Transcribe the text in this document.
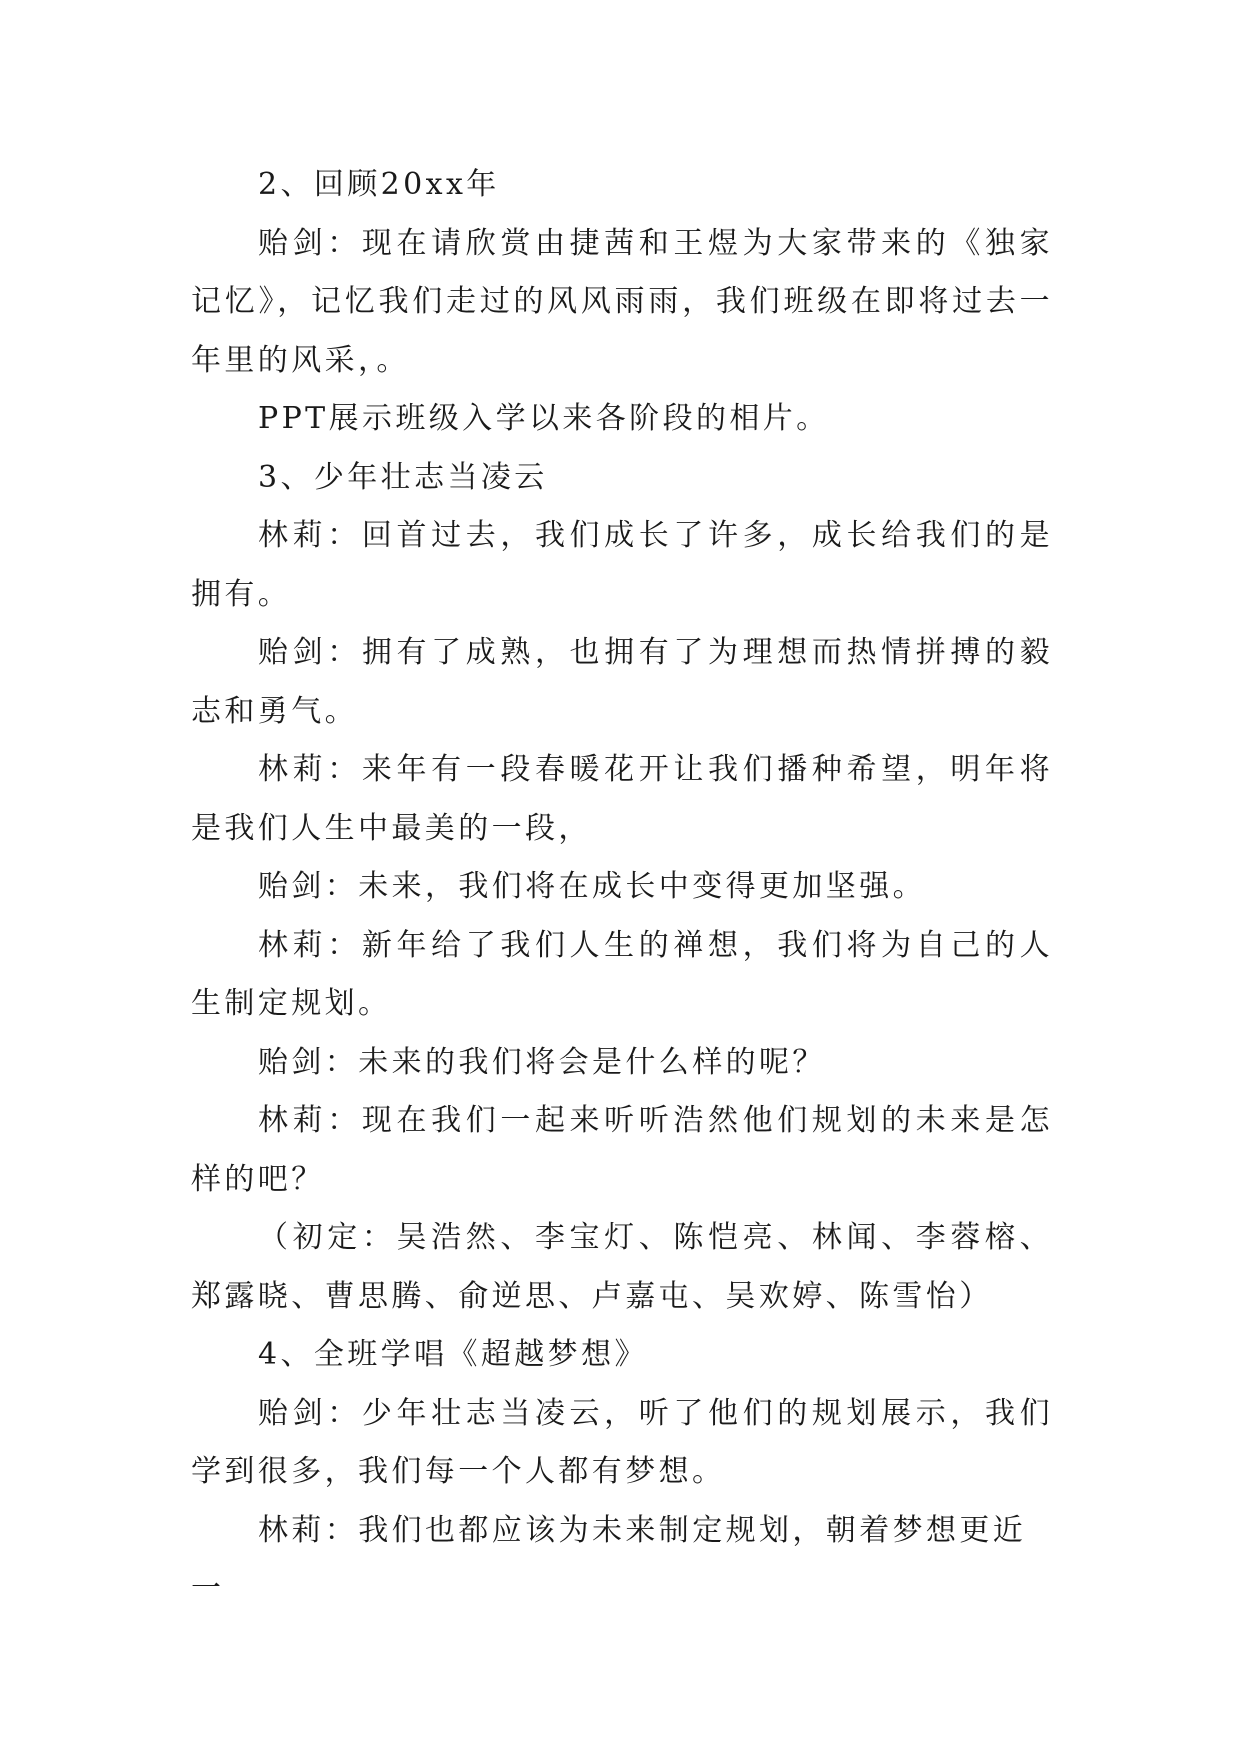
2、回顾20xx年

贻剑：现在请欣赏由捷茜和王煜为大家带来的《独家记忆》，记忆我们走过的风风雨雨，我们班级在即将过去一年里的风采，。

PPT展示班级入学以来各阶段的相片。

3、少年壮志当凌云

林莉：回首过去，我们成长了许多，成长给我们的是拥有。

贻剑：拥有了成熟，也拥有了为理想而热情拼搏的毅志和勇气。

林莉：来年有一段春暖花开让我们播种希望，明年将是我们人生中最美的一段，

贻剑：未来，我们将在成长中变得更加坚强。

林莉：新年给了我们人生的禅想，我们将为自己的人生制定规划。

贻剑：未来的我们将会是什么样的呢？

林莉：现在我们一起来听听浩然他们规划的未来是怎样的吧？

（初定：吴浩然、李宝灯、陈恺亮、林闻、李蓉榕、郑露晓、曹思腾、俞逆思、卢嘉屯、吴欢婷、陈雪怡）

4、全班学唱《超越梦想》

贻剑：少年壮志当凌云，听了他们的规划展示，我们学到很多，我们每一个人都有梦想。

林莉：我们也都应该为未来制定规划，朝着梦想更近一
